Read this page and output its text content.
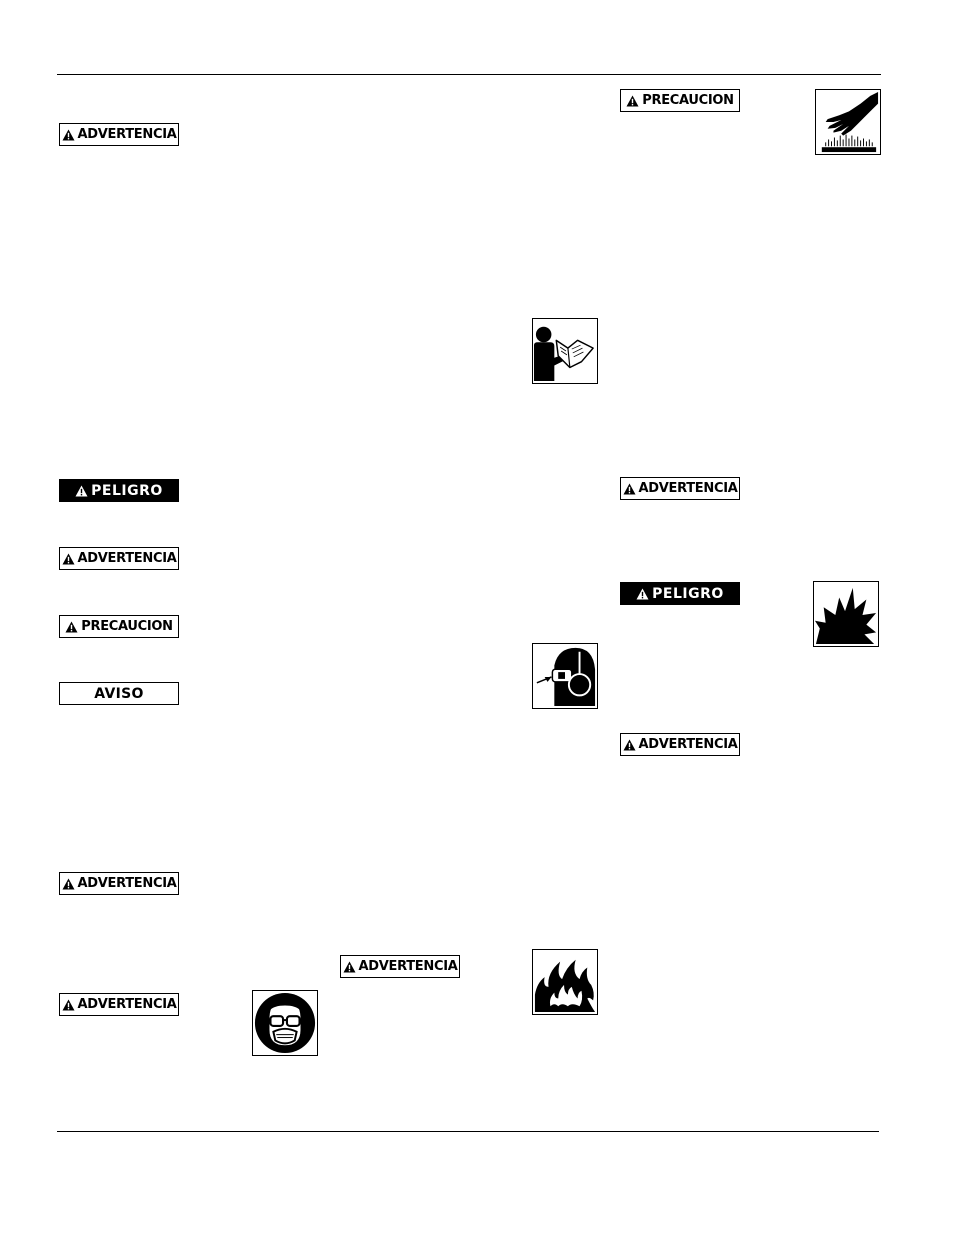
ADVERTENCIA
PELIGRO
ADVERTENCIA
PRECAUCION
AVISO
ADVERTENCIA
ADVERTENCIA
ADVERTENCIA
PRECAUCION
ADVERTENCIA
PELIGRO
ADVERTENCIA
